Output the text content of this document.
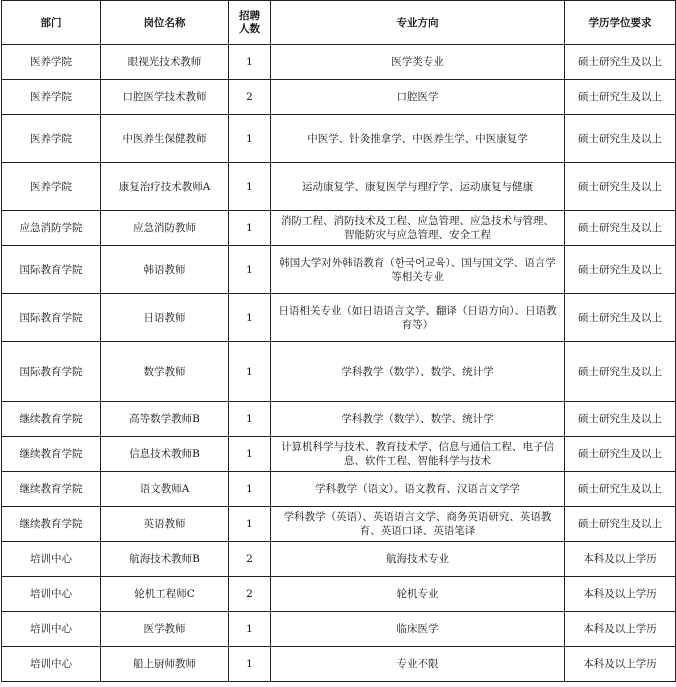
部门	岗位名称	招聘人数	专业方向	学历学位要求
医养学院	眼视光技术教师	1	医学类专业	硕士研究生及以上
医养学院	口腔医学技术教师	2	口腔医学	硕士研究生及以上
医养学院	中医养生保健教师	1	中医学、针灸推拿学、中医养生学、中医康复学	硕士研究生及以上
医养学院	康复治疗技术教师A	1	运动康复学、康复医学与理疗学、运动康复与健康	硕士研究生及以上
应急消防学院	应急消防教师	1	消防工程、消防技术及工程、应急管理、应急技术与管理、智能防灾与应急管理、安全工程	硕士研究生及以上
国际教育学院	韩语教师	1	韩国大学对外韩语教育（한국어교육）、国与国文学、语言学等相关专业	硕士研究生及以上
国际教育学院	日语教师	1	日语相关专业（如日语语言文学、翻译（日语方向）、日语教育等）	硕士研究生及以上
国际教育学院	数学教师	1	学科教学（数学）、数学、统计学	硕士研究生及以上
继续教育学院	高等数学教师B	1	学科教学（数学）、数学、统计学	硕士研究生及以上
继续教育学院	信息技术教师B	1	计算机科学与技术、教育技术学、信息与通信工程、电子信息、软件工程、智能科学与技术	硕士研究生及以上
继续教育学院	语文教师A	1	学科教学（语文）、语文教育、汉语言文学学	硕士研究生及以上
继续教育学院	英语教师	1	学科教学（英语）、英语语言文学、商务英语研究、英语教育、英语口译、英语笔译	硕士研究生及以上
培训中心	航海技术教师B	2	航海技术专业	本科及以上学历
培训中心	轮机工程师C	2	轮机专业	本科及以上学历
培训中心	医学教师	1	临床医学	本科及以上学历
培训中心	船上厨师教师	1	专业不限	本科及以上学历
